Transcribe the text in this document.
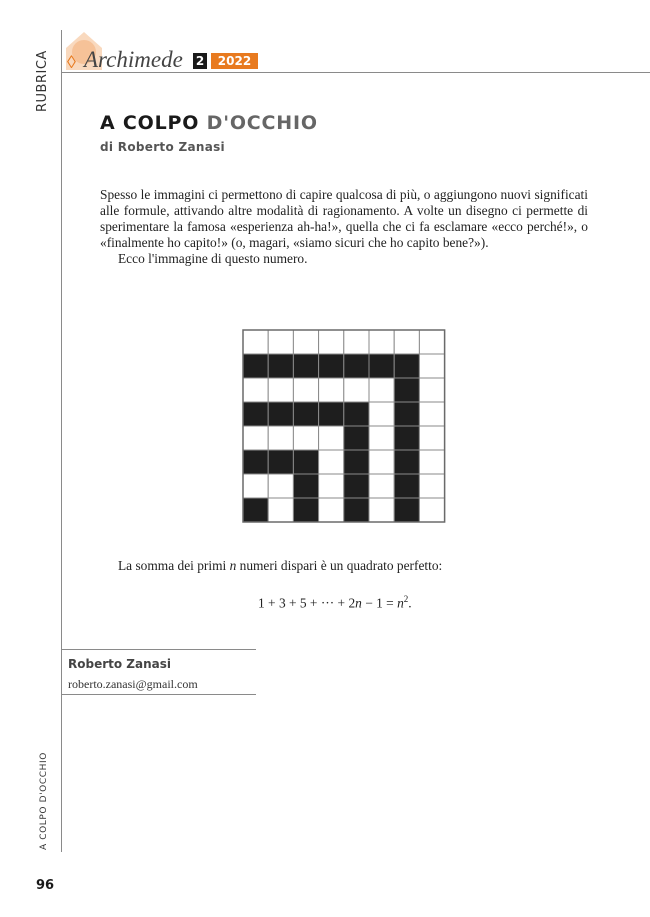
RUBRICA ◊ Archimede 2	2022
A COLPO D'OCCHIO
di Roberto Zanasi

Spesso le immagini ci permettono di capire qualcosa di più, o aggiungono nuovi significati alle formule, attivando altre modalità di ragionamento. A volte un disegno ci permette di sperimentare la famosa «esperienza ah-ha!», quella che ci fa esclamare «ecco perché!», o «finalmente ho capito!» (o, magari, «siamo sicuri che ho capito bene?»).

Ecco l'immagine di questo numero.

La somma dei primi n numeri dispari è un quadrato perfetto:
1 + 3 + 5 + ··· + $2n - 1 = n^2$.
Roberto Zanasi
roberto.zanasi@gmail.com
A COLPO D'OCCHIO
96
